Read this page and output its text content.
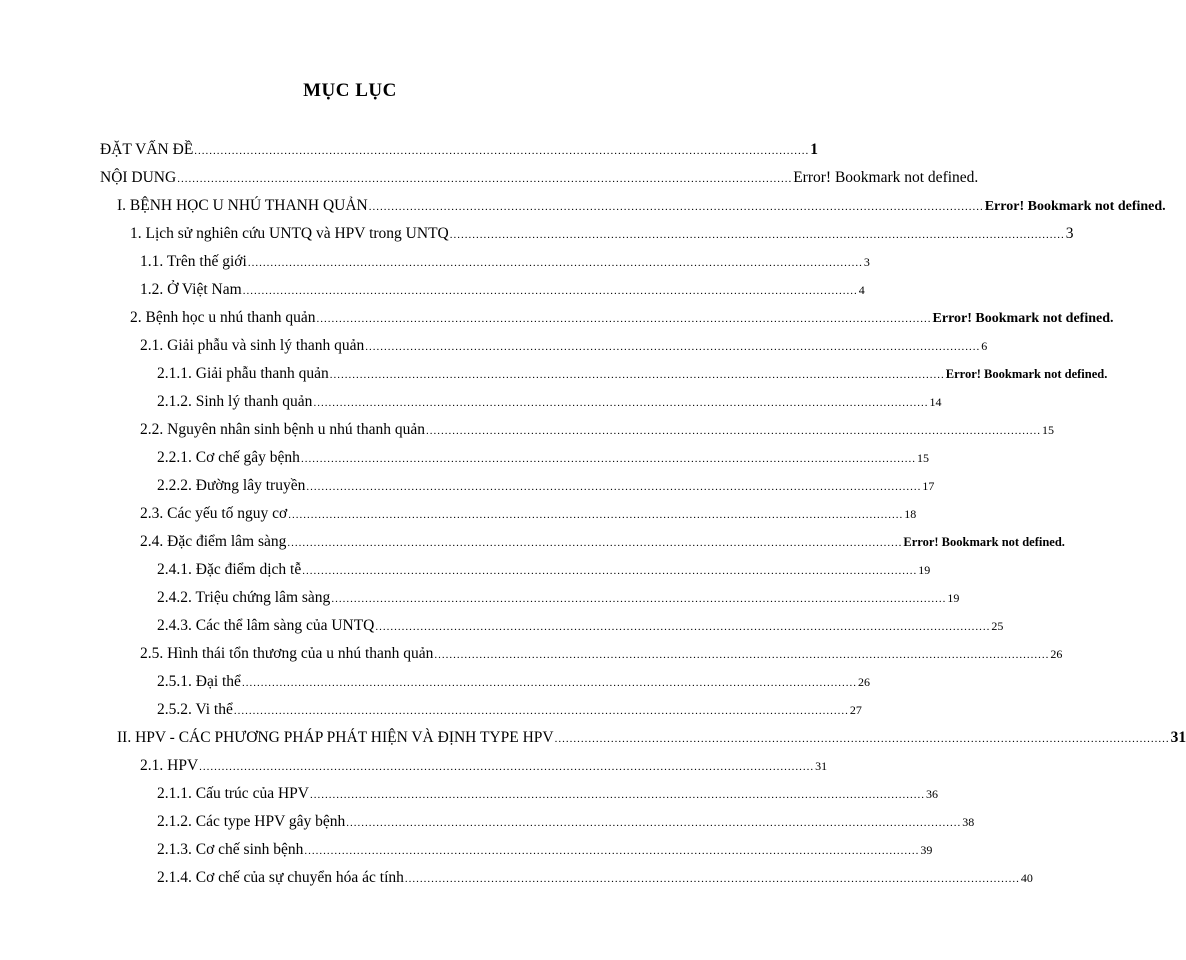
MỤC LỤC
ĐẶT VẤN ĐỀ .................................................................................................................................................................... 1
NỘI DUNG .................................................................................................................................................................... Error! Bookmark not defined.
I. BỆNH HỌC U NHÚ THANH QUẢN .................................................................................................................................................................... Error! Bookmark not defined.
1. Lịch sử nghiên cứu UNTQ và HPV trong UNTQ .................................................................................................................................................................... 3
1.1. Trên thế giới .................................................................................................................................................................... 3
1.2. Ở Việt Nam .................................................................................................................................................................... 4
2. Bệnh học u nhú thanh quản .................................................................................................................................................................... Error! Bookmark not defined.
2.1. Giải phẫu và sinh lý thanh quản .................................................................................................................................................................... 6
2.1.1. Giải phẫu thanh quản .................................................................................................................................................................... Error! Bookmark not defined.
2.1.2. Sinh lý thanh quản .................................................................................................................................................................... 14
2.2. Nguyên nhân sinh bệnh u nhú thanh quản .................................................................................................................................................................... 15
2.2.1. Cơ chế gây bệnh .................................................................................................................................................................... 15
2.2.2. Đường lây truyền .................................................................................................................................................................... 17
2.3. Các yếu tố nguy cơ .................................................................................................................................................................... 18
2.4. Đặc điểm lâm sàng .................................................................................................................................................................... Error! Bookmark not defined.
2.4.1. Đặc điểm dịch tễ .................................................................................................................................................................... 19
2.4.2. Triệu chứng lâm sàng .................................................................................................................................................................... 19
2.4.3. Các thể lâm sàng của UNTQ .................................................................................................................................................................... 25
2.5. Hình thái tổn thương của u nhú thanh quản .................................................................................................................................................................... 26
2.5.1. Đại thể .................................................................................................................................................................... 26
2.5.2. Vi thể .................................................................................................................................................................... 27
II. HPV - CÁC PHƯƠNG PHÁP PHÁT HIỆN VÀ ĐỊNH TYPE HPV .................................................................................................................................................................... 31
2.1. HPV .................................................................................................................................................................... 31
2.1.1. Cấu trúc của HPV .................................................................................................................................................................... 36
2.1.2. Các type HPV gây bệnh .................................................................................................................................................................... 38
2.1.3. Cơ chế sinh bệnh .................................................................................................................................................................... 39
2.1.4. Cơ chế của sự chuyển hóa ác tính .................................................................................................................................................................... 40
